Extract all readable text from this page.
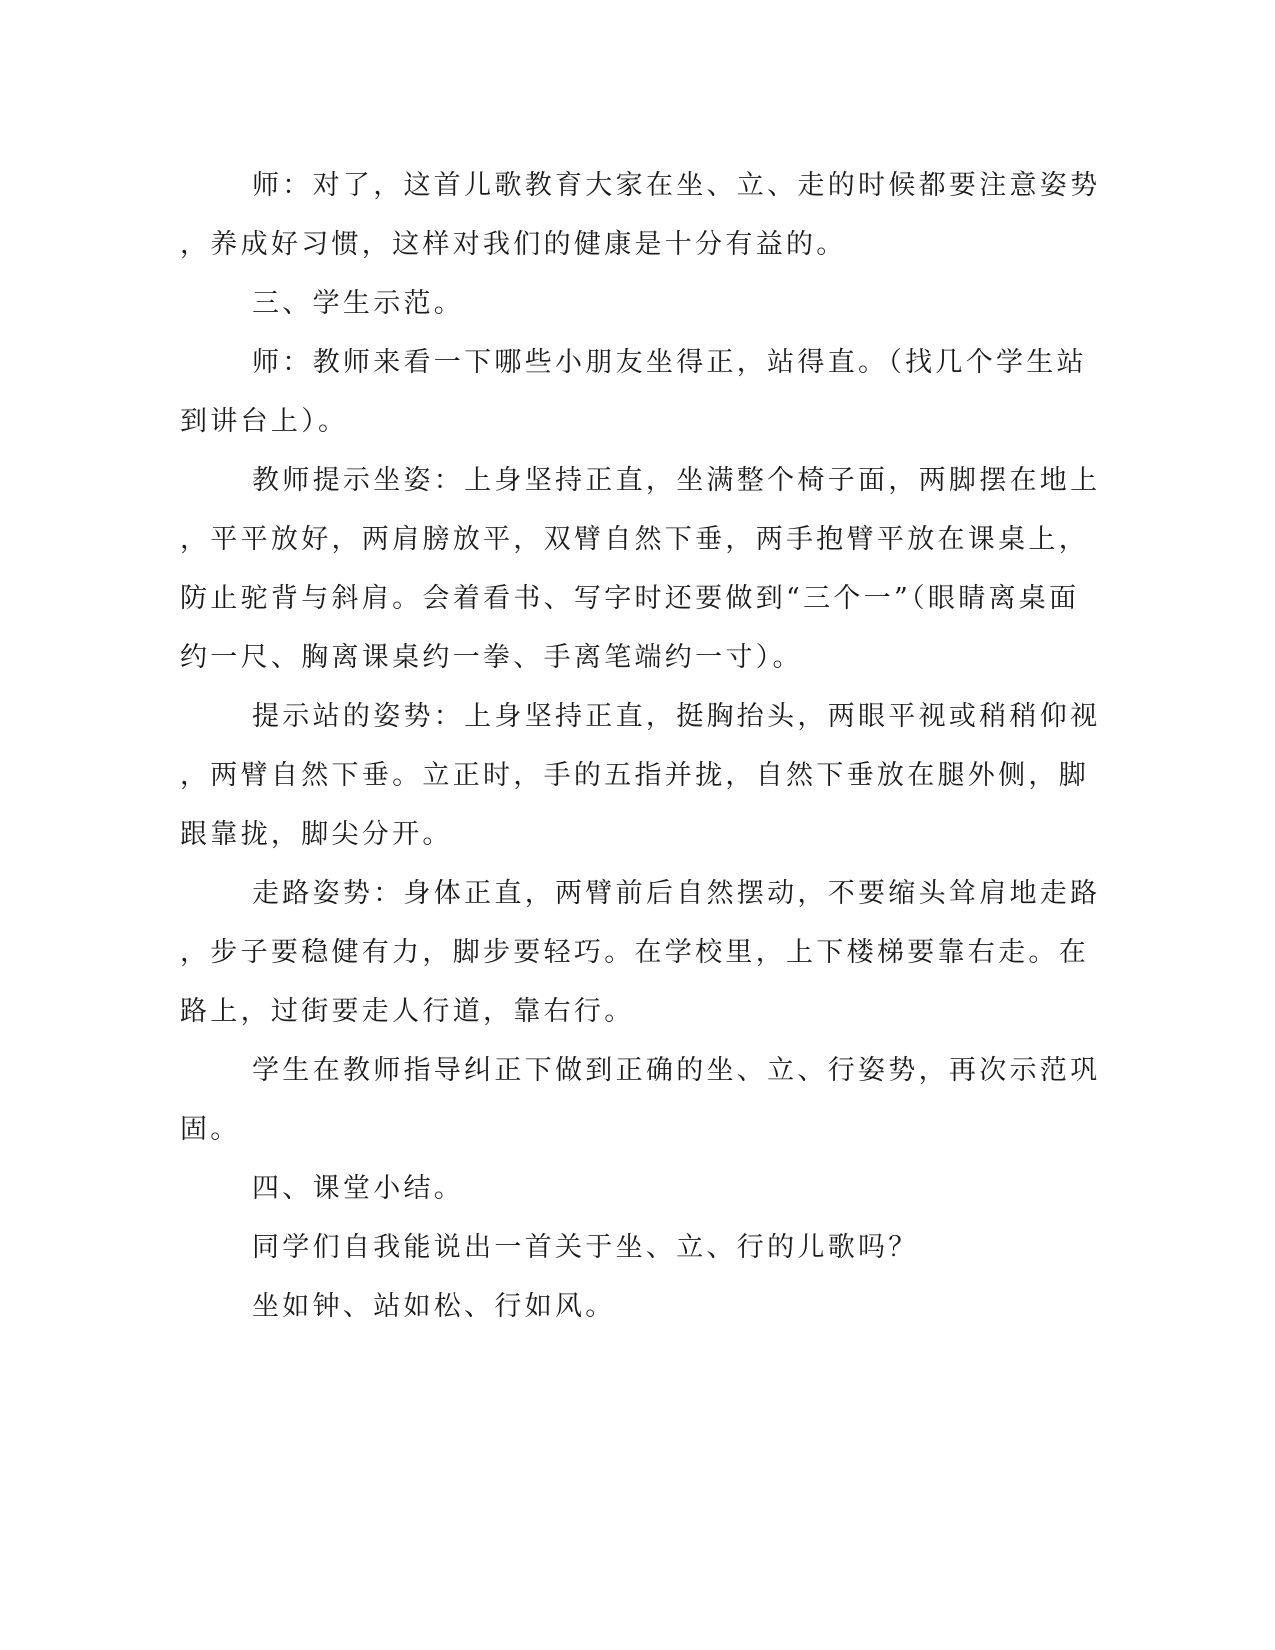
师：对了，这首儿歌教育大家在坐、立、走的时候都要注意姿势
，养成好习惯，这样对我们的健康是十分有益的。
三、学生示范。
师：教师来看一下哪些小朋友坐得正，站得直。（找几个学生站
到讲台上）。
教师提示坐姿：上身坚持正直，坐满整个椅子面，两脚摆在地上
，平平放好，两肩膀放平，双臂自然下垂，两手抱臂平放在课桌上，
防止驼背与斜肩。会着看书、写字时还要做到“三个一”（眼睛离桌面
约一尺、胸离课桌约一拳、手离笔端约一寸）。
提示站的姿势：上身坚持正直，挺胸抬头，两眼平视或稍稍仰视
，两臂自然下垂。立正时，手的五指并拢，自然下垂放在腿外侧，脚
跟靠拢，脚尖分开。
走路姿势：身体正直，两臂前后自然摆动，不要缩头耸肩地走路
，步子要稳健有力，脚步要轻巧。在学校里，上下楼梯要靠右走。在
路上，过街要走人行道，靠右行。
学生在教师指导纠正下做到正确的坐、立、行姿势，再次示范巩
固。
四、课堂小结。
同学们自我能说出一首关于坐、立、行的儿歌吗？
坐如钟、站如松、行如风。
